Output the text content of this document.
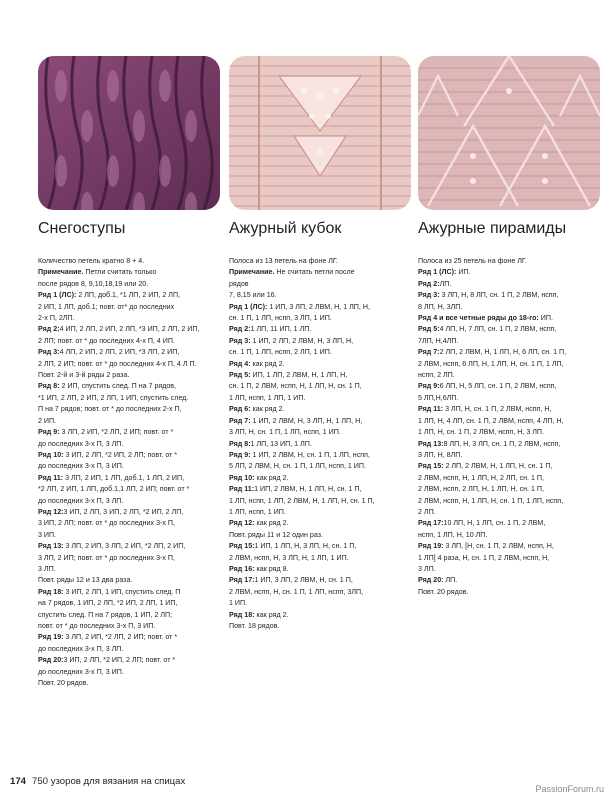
Снегоступы

Количество петель кратно 8 + 4.

Примечание. Петли считать только

после рядов 8, 9,10,18,19 или 20.

Ряд 1 (ЛС): 2 ЛП, доб.1, *1 ЛП, 2 ИП, 2 ЛП,

2 ИП, 1 ЛП, доб.1; повт. от* до последних

2-х П, 2ЛП.

Ряд 2:4 ИП, 2 ЛП, 2 ИП, 2 ЛП, *3 ИП, 2 ЛП, 2 ИП,

2 ЛП; повт. от * до последних 4-х П, 4 ИП.

Ряд 3:4 ЛП, 2 ИП, 2 ЛП, 2 ИП, *3 ЛП, 2 ИП,

2 ЛП, 2 ИП; повт. от * до последних 4-х П, 4 Л П.

Повт. 2-й и 3-й ряды 2 раза.

Ряд 8: 2 ИП, спустить след. П на 7 рядов,

*1 ИП, 2 ЛП, 2 ИП, 2 ЛП, 1 ИП, спустить след.

П на 7 рядов; повт. от * до последних 2-х П,

2 ИП.

Ряд 9: 3 ЛП, 2 ИП, *2 ЛП, 2 ИП; повт. от *

до последних 3-х П, 3 ЛП.

Ряд 10: 3 ИП, 2 ЛП, *2 ИП, 2 ЛП; повт. от *

до последних 3-х П, 3 ИП.

Ряд 11: 3 ЛП, 2 ИП, 1 ЛП, доб.1, 1 ЛП, 2 ИП,

*2 ЛП, 2 ИП, 1 ЛП, доб.1,1 ЛП, 2 ИП; повт. от *

до последних 3-х П, 3 ЛП.

Ряд 12:3 ИП, 2 ЛП, 3 ИП, 2 ЛП, *2 ИП, 2 ЛП,

3 ИП, 2 ЛП; повт. от * до последних 3-х П,

3 ИП.

Ряд 13: 3 ЛП, 2 ИП, 3 ЛП, 2 ИП, *2 ЛП, 2 ИП,

3 ЛП, 2 ИП; повт. от * до последних 3-х П,

3 ЛП.

Повт. ряды 12 и 13 два раза.

Ряд 18: 3 ИП, 2 ЛП, 1 ИП, спустить след. П

на 7 рядов, 1 ИП, 2 ЛП, *2 ИП, 2 ЛП, 1 ИП,

спустить след. П на 7 рядов, 1 ИП, 2 ЛП;

повт. от * до последних 3-х П, 3 ИП.

Ряд 19: 3 ЛП, 2 ИП, *2 ЛП, 2 ИП; повт. от *

до последних 3-х П, 3 ЛП.

Ряд 20:3 ИП, 2 ЛП, *2 ИП, 2 ЛП; повт. от *

до последних 3-х П, 3 ИП.

Повт. 20 рядов.

Ажурный кубок

Полоса из 13 петель на фоне ЛГ.

Примечание. Не считать петли после

рядов

7, 8,15 или 16.

Ряд 1 (ЛС): 1 ИП, 3 ЛП, 2 ЛВМ, Н, 1 ЛП, Н,

сн. 1 П, 1 ЛП, нспп, 3 ЛП, 1 ИП.

Ряд 2:1 ЛП, 11 ИП, 1 ЛП.

Ряд 3: 1 ИП, 2 ЛП, 2 ЛВМ, Н, 3 ЛП, Н,

сн. 1 П, 1 ЛП, нспп, 2 ЛП, 1 ИП.

Ряд 4: как ряд 2.

Ряд 5: ИП, 1 ЛП, 2 ЛВМ, Н, 1 ЛП, Н,

сн. 1 П, 2 ЛВМ, нспп, Н, 1 ЛП, Н, сн. 1 П,

1 ЛП, нспп, 1 ЛП, 1 ИП.

Ряд 6: как ряд 2.

Ряд 7: 1 ИП, 2 ЛВМ, Н, 3 ЛП, Н, 1 ЛП, Н,

3 ЛП, Н, сн. 1 П, 1 ЛП, нспп, 1 ИП.

Ряд 8:1 ЛП, 13 ИП, 1 ЛП.

Ряд 9: 1 ИП, 2 ЛВМ, Н, сн. 1 П, 1 ЛП, нспп,

5 ЛП, 2 ЛВМ, Н, сн. 1 П, 1 ЛП, нспп, 1 ИП.

Ряд 10: как ряд 2.

Ряд 11:1 ИП, 2 ЛВМ, Н, 1 ЛП, Н, сн. 1 П,

1 ЛП, нспп, 1 ЛП, 2 ЛВМ, Н, 1 ЛП, Н, сн. 1 П,

1 ЛП, нспп, 1 ИП.

Ряд 12: как ряд 2.

Повт. ряды 11 и 12 один раз.

Ряд 15:1 ИП, 1 ЛП, Н, 3 ЛП, Н, сн. 1 П,

2 ЛВМ, нспп, Н, 3 ЛП, Н, 1 ЛП, 1 ИП.

Ряд 16: как ряд 8.

Ряд 17:1 ИП, 3 ЛП, 2 ЛВМ, Н, сн. 1 П,

2 ЛВМ, нспп, Н, сн. 1 П, 1 ЛП, нспп, 3ЛП,

1 ИП.

Ряд 18: как ряд 2.

Повт. 18 рядов.

Ажурные пирамиды

Полоса из 25 петель на фоне ЛГ.

Ряд 1 (ЛС): ИП.

Ряд 2:ЛП.

Ряд 3: 3 ЛП, Н, 8 ЛП, сн. 1 П, 2 ЛВМ, нспп,

8 ЛП, Н, 3ЛП.

Ряд 4 и все четные ряды до 18-го: ИП.

Ряд 5:4 ЛП, Н, 7 ЛП, сн. 1 П, 2 ЛВМ, нспп,

7ЛП, Н,4ЛП.

Ряд 7:2 ЛП, 2 ЛВМ, Н, 1 ЛП, Н, 6 ЛП, сн. 1 П,

2 ЛВМ, нспп, 6 ЛП, Н, 1 ЛП, Н, сн. 1 П, 1 ЛП,

нспп, 2 ЛП.

Ряд 9:6 ЛП, Н, 5 ЛП, сн. 1 П, 2 ЛВМ, нспп,

5 ЛП,Н,6ЛП.

Ряд 11: 3 ЛП, Н, сн. 1 П, 2 ЛВМ, нспп, Н,

1 ЛП, Н, 4 ЛП, сн. 1 П, 2 ЛВМ, нспп, 4 ЛП, Н,

1 ЛП, Н, сн. 1 П, 2 ЛВМ, нспп, Н, 3 ЛП.

Ряд 13:8 ЛП, Н, 3 ЛП, сн. 1 П, 2 ЛВМ, нспп,

3 ЛП, Н, 8ЛП.

Ряд 15: 2 ЛП, 2 ЛВМ, Н, 1 ЛП, Н, сн. 1 П,

2 ЛВМ, нспп, Н, 1 ЛП, Н, 2 ЛП, сн. 1 П,

2 ЛВМ, нспп, 2 ЛП, Н, 1 ЛП, Н, сн. 1 П,

2 ЛВМ, нспп, Н, 1 ЛП, Н, сн. 1 П, 1 ЛП, нспп,

2 ЛП.

Ряд 17:10 ЛП, Н, 1 ЛП, сн. 1 П, 2 ЛВМ,

нспп, 1 ЛП, Н, 10 ЛП.

Ряд 19: 3 ЛП, [Н, сн. 1 П, 2 ЛВМ, нспп, Н,

1 ЛП] 4 раза, Н, сн. 1 П, 2 ЛВМ, нспп, Н,

3 ЛП.

Ряд 20: ЛП.

Повт. 20 рядов.

174 750 узоров для вязания на спицах
PassionForum.ru
